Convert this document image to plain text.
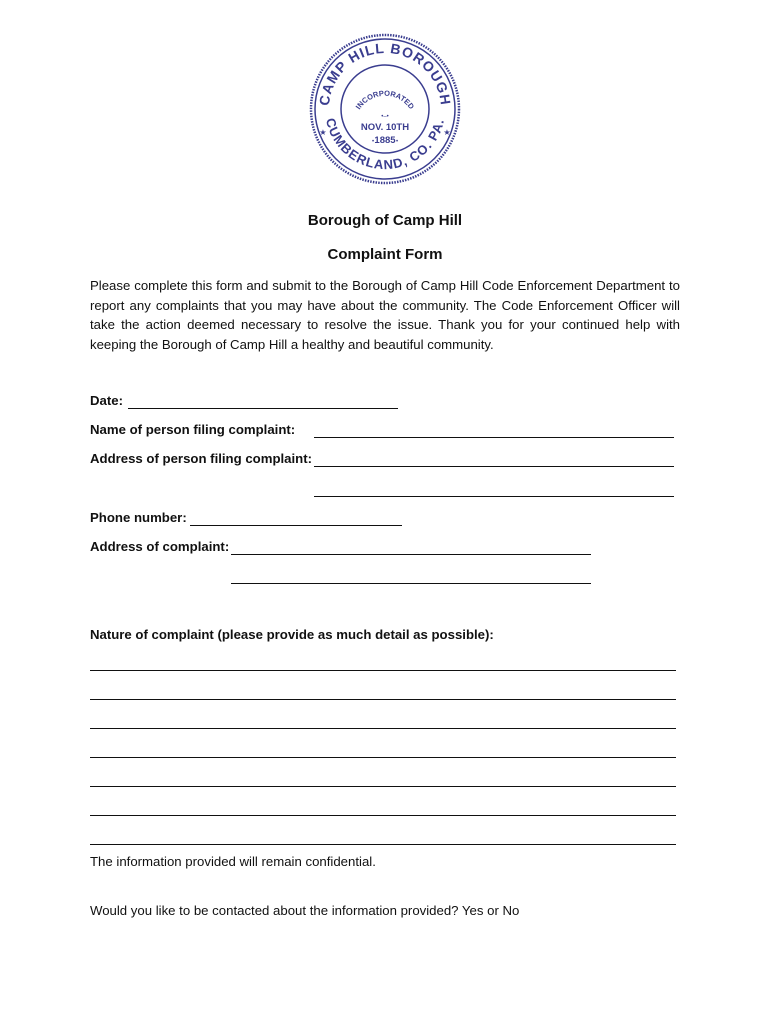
CAMP HILL BOROUGH
CUMBERLAND, CO. PA.
INCORPORATED
•–•
NOV. 10TH
1885
•	•
★	★
Borough of Camp Hill
Complaint Form
Please complete this form and submit to the Borough of Camp Hill Code Enforcement Department to report any complaints that you may have about the community. The Code Enforcement Officer will take the action deemed necessary to resolve the issue. Thank you for your continued help with keeping the Borough of Camp Hill a healthy and beautiful community.
Date:
Name of person filing complaint:
Address of person filing complaint:
Phone number:
Address of complaint:
Nature of complaint (please provide as much detail as possible):
The information provided will remain confidential.
Would you like to be contacted about the information provided? Yes or No
